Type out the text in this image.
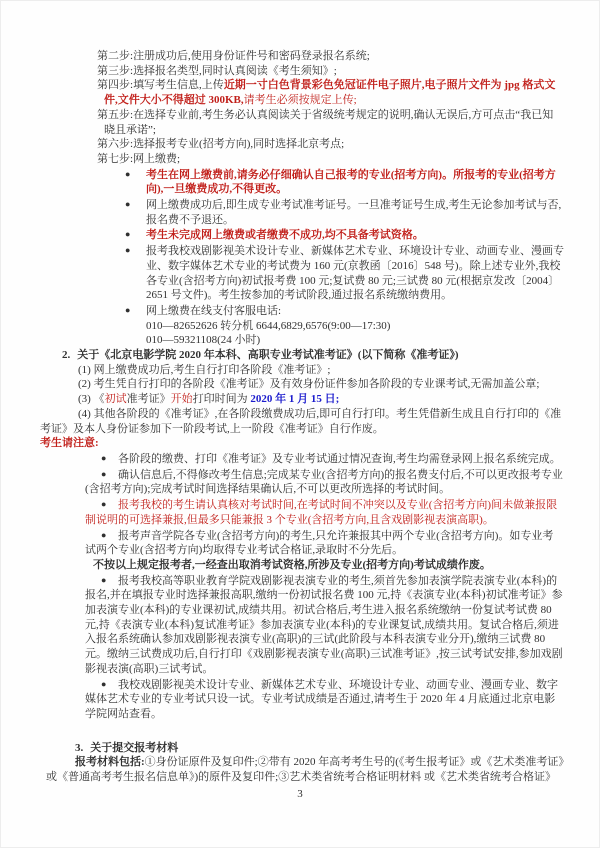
第二步:注册成功后,使用身份证件号和密码登录报名系统;
第三步:选择报名类型,同时认真阅读《考生须知》;
第四步:填写考生信息,上传近期一寸白色背景彩色免冠证件电子照片,电子照片文件为 jpg 格式文件,文件大小不得超过 300KB,请考生必须按规定上传;
第五步:在选择专业前,考生务必认真阅读关于省级统考规定的说明,确认无误后,方可点击“我已知晓且承诺”;
第六步:选择报考专业(招考方向),同时选择北京考点;
第七步:网上缴费;
● 考生在网上缴费前,请务必仔细确认自己报考的专业(招考方向)。所报考的专业(招考方向),一旦缴费成功,不得更改。
● 网上缴费成功后,即生成专业考试准考证号。一旦准考证号生成,考生无论参加考试与否,报名费不予退还。
● 考生未完成网上缴费或者缴费不成功,均不具备考试资格。
● 报考我校戏剧影视美术设计专业、新媒体艺术专业、环境设计专业、动画专业、漫画专业、数字媒体艺术专业的考试费为 160 元(京教函〔2016〕548 号)。除上述专业外,我校各专业(含招考方向)初试报考费 100 元;复试费 80 元;三试费 80 元(根据京发改〔2004〕2651 号文件)。考生按参加的考试阶段,通过报名系统缴纳费用。
● 网上缴费在线支付客服电话:
010—82652626 转分机 6644,6829,6576(9:00—17:30)
010—59321108(24 小时)
2. 关于《北京电影学院 2020 年本科、高职专业考试准考证》(以下简称《准考证》)
(1) 网上缴费成功后,考生自行打印各阶段《准考证》;
(2) 考生凭自行打印的各阶段《准考证》及有效身份证件参加各阶段的专业课考试,无需加盖公章;
(3) 《初试准考证》开始打印时间为 2020 年 1 月 15 日;
(4) 其他各阶段的《准考证》,在各阶段缴费成功后,即可自行打印。考生凭借新生成且自行打印的《准考证》及本人身份证参加下一阶段考试,上一阶段《准考证》自行作废。
考生请注意:
● 各阶段的缴费、打印《准考证》及专业考试通过情况查询,考生均需登录网上报名系统完成。
● 确认信息后,不得修改考生信息;完成某专业(含招考方向)的报名费支付后,不可以更改报考专业(含招考方向);完成考试时间选择结果确认后,不可以更改所选择的考试时间。
● 报考我校的考生请认真核对考试时间,在考试时间不冲突以及专业(含招考方向)间未做兼报限制说明的可选择兼报,但最多只能兼报 3 个专业(含招考方向,且含戏剧影视表演高职)。
● 报考声音学院各专业(含招考方向)的考生,只允许兼报其中两个专业(含招考方向)。如专业考试两个专业(含招考方向)均取得专业考试合格证,录取时不分先后。
不按以上规定报考者,一经查出取消考试资格,所涉及专业(招考方向)考试成绩作废。
● 报考我校高等职业教育学院戏剧影视表演专业的考生,须首先参加表演学院表演专业(本科)的报名,并在填报专业时选择兼报高职,缴纳一份初试报名费 100 元,持《表演专业(本科)初试准考证》参加表演专业(本科)的专业课初试,成绩共用。初试合格后,考生进入报名系统缴纳一份复试考试费 80 元,持《表演专业(本科)复试准考证》参加表演专业(本科)的专业课复试,成绩共用。复试合格后,须进入报名系统确认参加戏剧影视表演专业(高职)的三试(此阶段与本科表演专业分开),缴纳三试费 80 元。缴纳三试费成功后,自行打印《戏剧影视表演专业(高职)三试准考证》,按三试考试安排,参加戏剧影视表演(高职)三试考试。
● 我校戏剧影视美术设计专业、新媒体艺术专业、环境设计专业、动画专业、漫画专业、数字媒体艺术专业的专业考试只设一试。专业考试成绩是否通过,请考生于 2020 年 4 月底通过北京电影学院网站查看。
3. 关于提交报考材料
报考材料包括:①身份证原件及复印件;②带有 2020 年高考考生号的(《考生报考证》或《艺术类准考证》或《普通高考考生报名信息单》)的原件及复印件;③艺术类省统考合格证明材料 或《艺术类省统考合格证》
3
